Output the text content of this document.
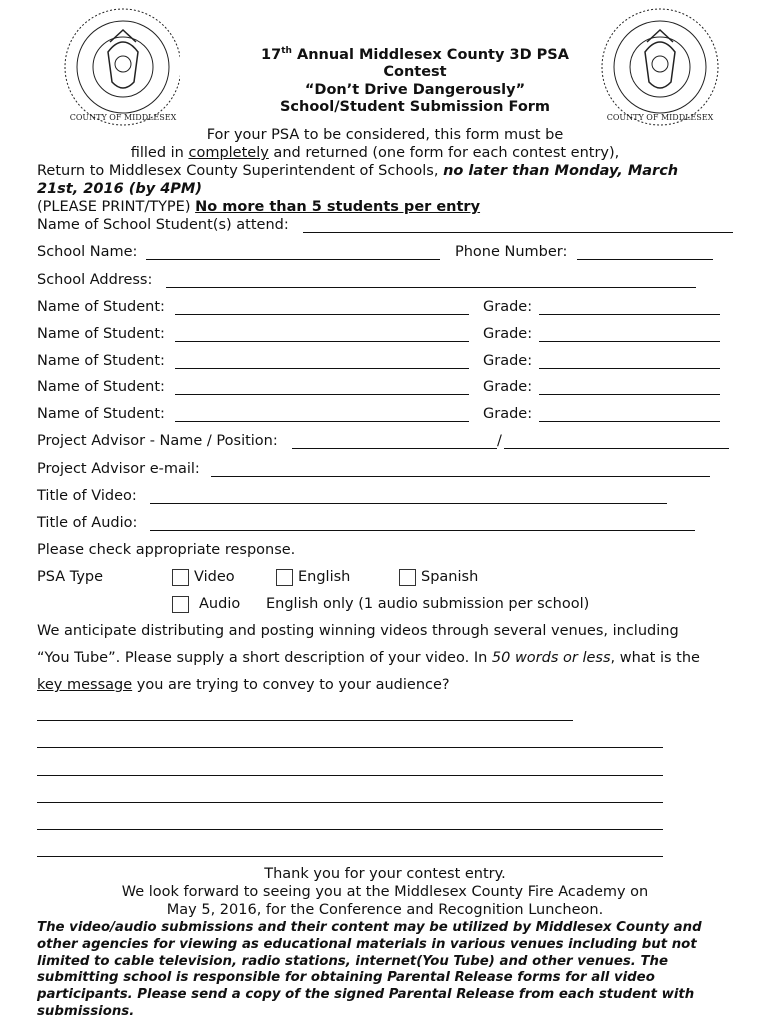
COUNTY OF MIDDLESEX	COUNTY OF MIDDLESEX
17th Annual Middlesex County 3D PSA
Contest
“Don’t Drive Dangerously”
School/Student Submission Form
For your PSA to be considered, this form must be
filled in completely and returned (one form for each contest entry),
Return to Middlesex County Superintendent of Schools, no later than Monday, March
21st, 2016 (by 4PM)
(PLEASE PRINT/TYPE) No more than 5 students per entry
Name of School Student(s) attend:
School Name:	Phone Number:
School Address:
Name of Student:	Grade:
Name of Student:	Grade:
Name of Student:	Grade:
Name of Student:	Grade:
Name of Student:	Grade:
Project Advisor - Name / Position:	/
Project Advisor e-mail:
Title of Video:
Title of Audio:
Please check appropriate response.
PSA Type	Video	English	Spanish
Audio English only (1 audio submission per school)
We anticipate distributing and posting winning videos through several venues, including
“You Tube”. Please supply a short description of your video. In 50 words or less, what is the
key message you are trying to convey to your audience?
Thank you for your contest entry.
We look forward to seeing you at the Middlesex County Fire Academy on
May 5, 2016, for the Conference and Recognition Luncheon.
The video/audio submissions and their content may be utilized by Middlesex County and other agencies for viewing as educational materials in various venues including but not limited to cable television, radio stations, internet(You Tube) and other venues. The submitting school is responsible for obtaining Parental Release forms for all video participants. Please send a copy of the signed Parental Release from each student with submissions.
